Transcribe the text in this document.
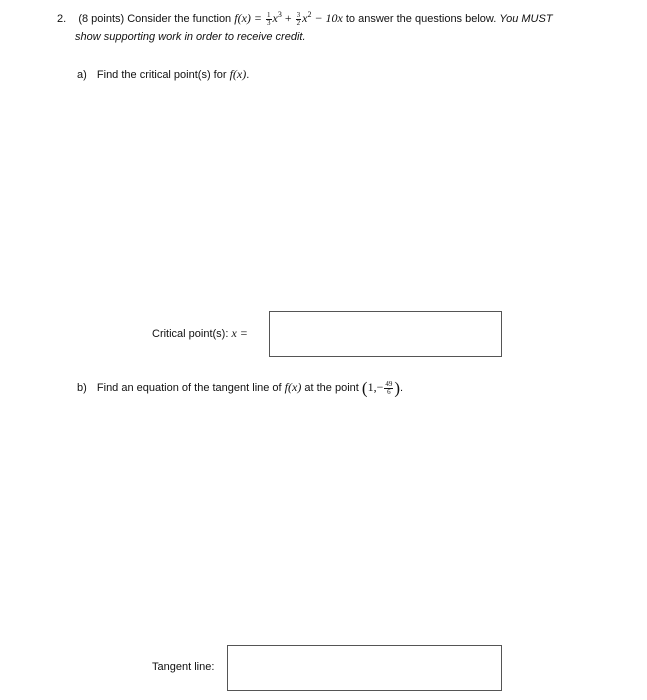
2. (8 points) Consider the function $f(x) = \frac{1}{3} x^3 + \frac{3}{2} x^2 - 10x$ to answer the questions below. You MUST
show supporting work in order to receive credit.
a) Find the critical point(s) for f(x).
Critical point(s): x =
b) Find an equation of the tangent line of f(x) at the point ($1,- \frac{49}{6}$ ).
Tangent line:
